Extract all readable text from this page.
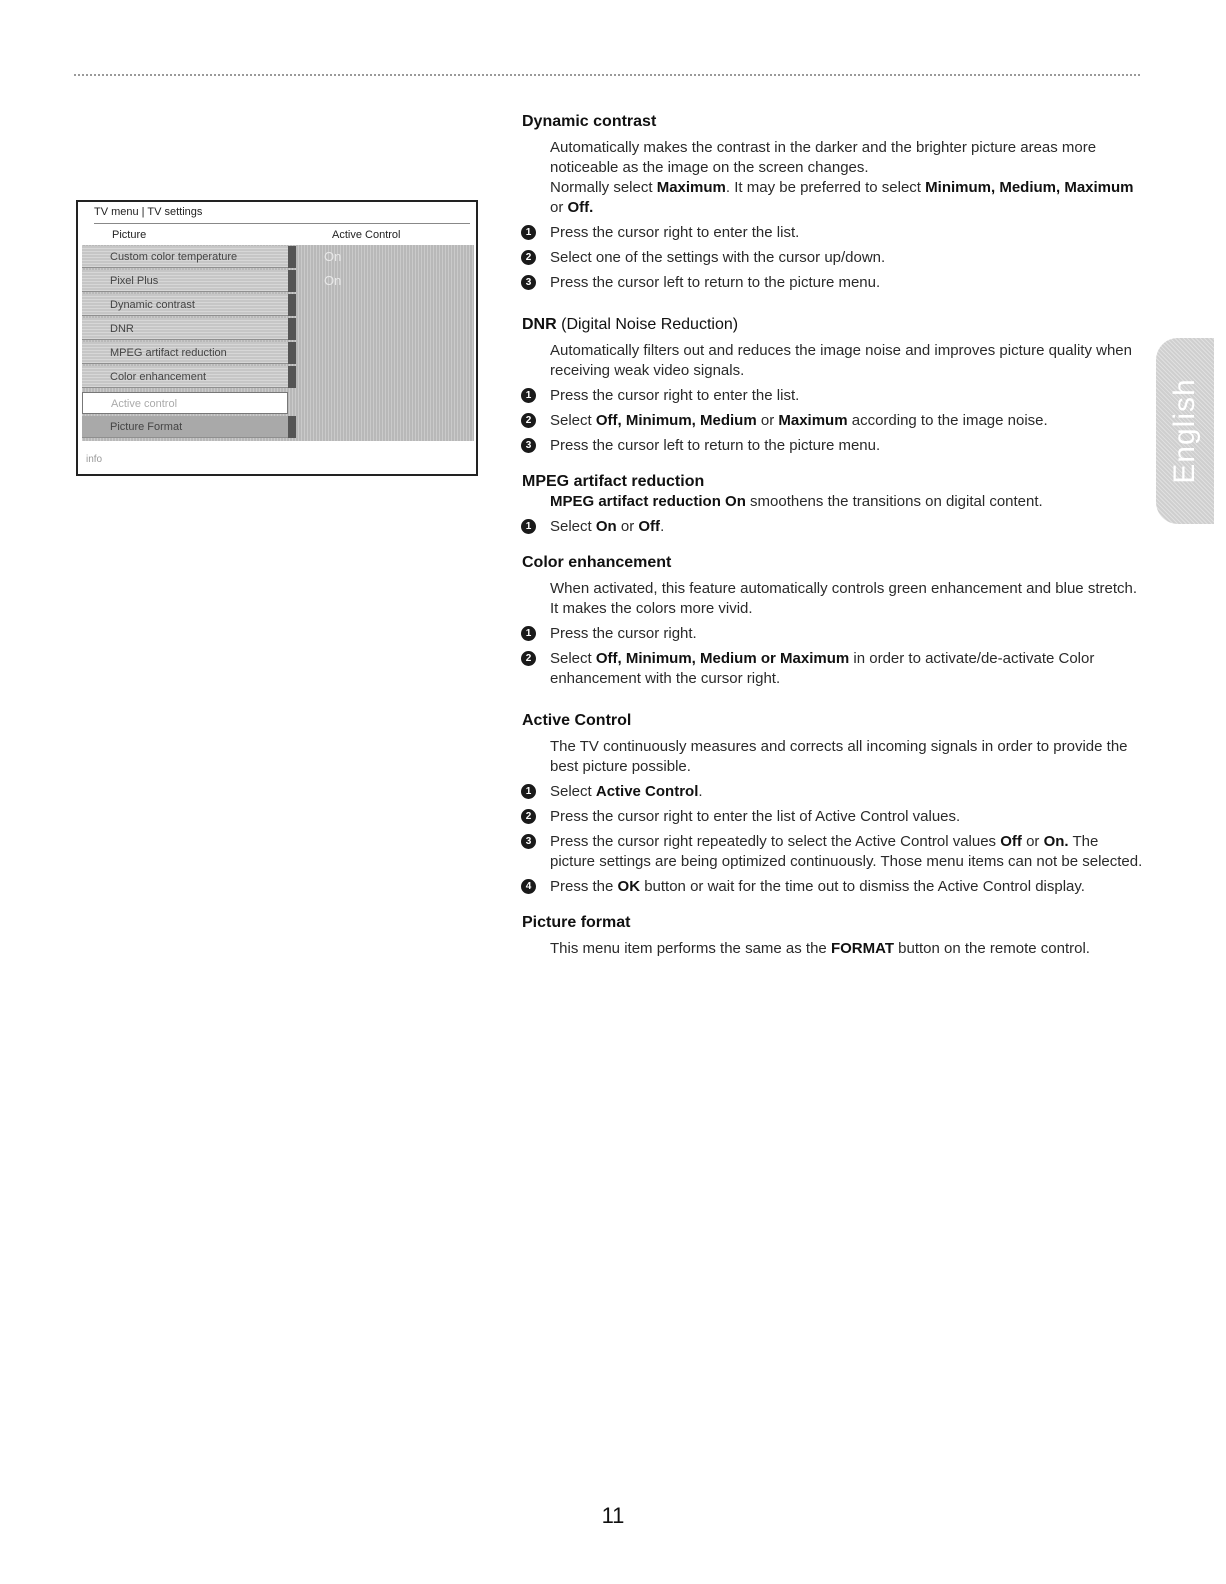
TV menu | TV settings
Picture	Active Control
Custom color temperature	On
Pixel Plus	On
Dynamic contrast
DNR
MPEG artifact reduction
Color enhancement
Active control
Picture Format
info	English
Dynamic contrast
Automatically makes the contrast in the darker and the brighter picture areas more noticeable as the image on the screen changes.
Normally select Maximum. It may be preferred to select Minimum, Medium, Maximum or Off.
1	Press the cursor right to enter the list.
2	Select one of the settings with the cursor up/down.
3	Press the cursor left to return to the picture menu.
DNR (Digital Noise Reduction)
Automatically filters out and reduces the image noise and improves picture quality when receiving weak video signals.
1	Press the cursor right to enter the list.
2	Select Off, Minimum, Medium or Maximum according to the image noise.
3	Press the cursor left to return to the picture menu.
MPEG artifact reduction
MPEG artifact reduction On smoothens the transitions on digital content.
1	Select On or Off.
Color enhancement
When activated, this feature automatically controls green enhancement and blue stretch. It makes the colors more vivid.
1	Press the cursor right.
2	Select Off, Minimum, Medium or Maximum in order to activate/de-activate Color enhancement with the cursor right.
Active Control
The TV continuously measures and corrects all incoming signals in order to provide the best picture possible.
1	Select Active Control.
2	Press the cursor right to enter the list of Active Control values.
3	Press the cursor right repeatedly to select the Active Control values Off or On. The picture settings are being optimized continuously. Those menu items can not be selected.
4	Press the OK button or wait for the time out to dismiss the Active Control display.
Picture format
This menu item performs the same as the FORMAT button on the remote control.
11
